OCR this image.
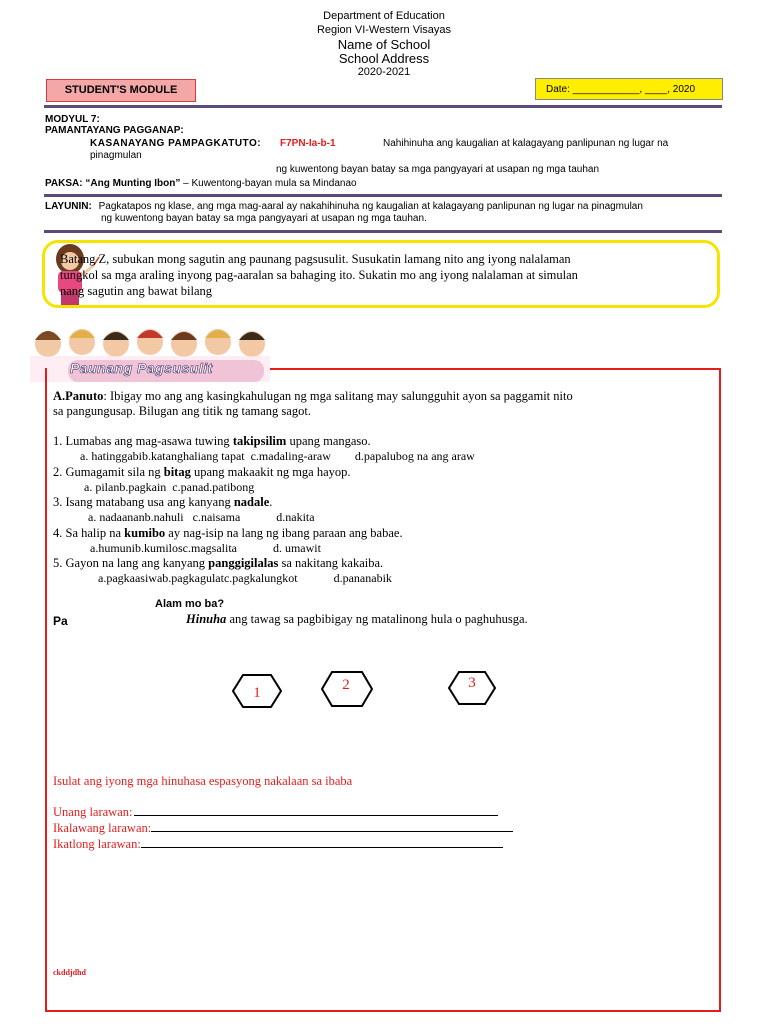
Department of Education
Region VI-Western Visayas
Name of School
School Address
2020-2021
STUDENT'S MODULE	Date: ____________, ____, 2020
MODYUL 7:
PAMANTAYANG PAGGANAP:
KASANAYANG PAMPAGKATUTO: F7PN-Ia-b-1	Nahihinuha ang kaugalian at kalagayang panlipunan ng lugar na
pinagmulan
ng kuwentong bayan batay sa mga pangyayari at usapan ng mga tauhan
PAKSA: “Ang Munting Ibon” – Kuwentong-bayan mula sa Mindanao
LAYUNIN: Pagkatapos ng klase, ang mga mag-aaral ay nakahihinuha ng kaugalian at kalagayang panlipunan ng lugar na pinagmulan
ng kuwentong bayan batay sa mga pangyayari at usapan ng mga tauhan.
Batang Z, subukan mong sagutin ang paunang pagsusulit. Susukatin lamang nito ang iyong nalalaman
tungkol sa mga araling inyong pag-aaralan sa bahaging ito. Sukatin mo ang iyong nalalaman at simulan
nang sagutin ang bawat bilang
Paunang Pagsusulit
A.Panuto: Ibigay mo ang ang kasingkahulugan ng mga salitang may salungguhit ayon sa paggamit nito
sa pangungusap. Bilugan ang titik ng tamang sagot.
1. Lumabas ang mag-asawa tuwing takipsilim upang mangaso.
a. hatinggabib.katanghaliang tapat  c.madaling-araw        d.papalubog na ang araw
2. Gumagamit sila ng bitag upang makaakit ng mga hayop.
a. pilanb.pagkain  c.panad.patibong
3. Isang matabang usa ang kanyang nadale.
a. nadaananb.nahuli   c.naisama            d.nakita
4. Sa halip na kumibo ay nag-isip na lang ng ibang paraan ang babae.
a.humunib.kumilosc.magsalita            d. umawit
5. Gayon na lang ang kanyang panggigilalas sa nakitang kakaiba.
a.pagkaasiwab.pagkagulatc.pagkalungkot            d.pananabik
Alam mo ba?
Pa	Hinuha ang tawag sa pagbibigay ng matalinong hula o paghuhusga.
1	2	3
Isulat ang iyong mga hinuhasa espasyong nakalaan sa ibaba
Unang larawan:
Ikalawang larawan:
Ikatlong larawan:
ckddjdhd
